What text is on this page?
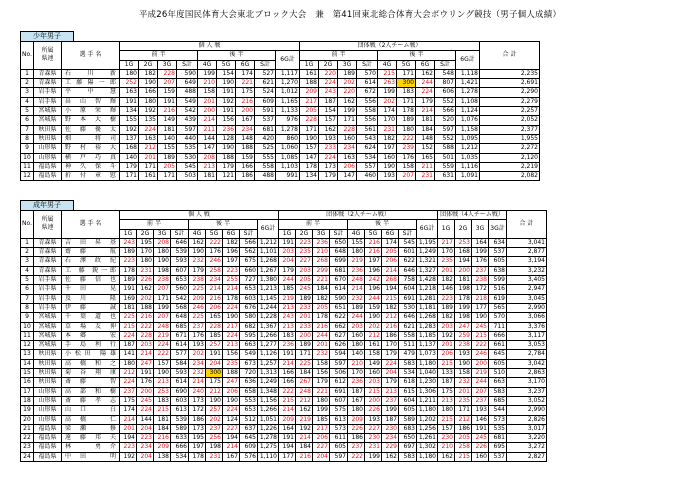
平成26年度国民体育大会東北ブロック大会　兼　第41回東北総合体育大会ボウリング競技（男子個人成績）
少年男子
No.	所属
県連	選 手 名	個 人 戦									団体戦（2人チーム戦）									合 計
			前 半				後 半				6G計	前 半				後 半				6G計	
			1G	2G	3G	S計	4G	5G	6G	S計		1G	2G	3G	S計	4G	5G	6G	S計		
1	青森県	石 川 新	180	182	228	590	199	154	174	527	1,117	161	220	189	570	215	171	162	548	1,118	2,235
2	青森県	工藤陽一郎	252	190	207	649	210	190	221	621	1,270	188	224	202	614	263	300	244	807	1,421	2,691
3	岩手県	平 中 慧	163	166	159	488	158	191	175	524	1,012	209	243	220	672	199	183	224	606	1,278	2,290
4	岩手県	畠 山 智 輝	191	180	191	549	201	192	216	609	1,165	217	187	162	556	202	171	179	552	1,108	2,279
5	宮城県	小 原 栄 輝	134	192	216	542	200	191	200	591	1,133	205	154	199	558	174	178	214	566	1,124	2,257
6	宮城県	野 本 大 樹	155	135	149	439	214	156	167	537	976	228	157	171	556	170	189	181	520	1,076	2,052
7	秋田県	佐 藤 優 太	192	224	181	597	211	236	234	681	1,278	171	162	228	561	231	180	184	597	1,158	2,377
8	秋田県	畑 　 将 司	137	163	140	440	144	128	148	420	860	190	193	160	543	182	222	148	552	1,095	1,955
9	山形県	野 村 裕 大	168	212	155	535	147	190	188	525	1,060	157	233	234	624	197	239	152	588	1,212	2,272
10	山形県	横 戸 巧 真	140	201	189	530	208	188	159	555	1,085	147	224	163	534	160	176	165	501	1,035	2,120
11	福島県	神 久 保 斗	179	171	205	545	213	179	166	558	1,103	178	173	206	557	190	158	211	559	1,116	2,219
12	福島県	折 付 章 慰	171	161	171	503	181	121	186	488	991	134	179	147	460	193	207	231	631	1,091	2,082
成年男子
No.	所属
県連	選 手 名	個 人 戦									団体戦（2人チーム戦）									団体戦（4人チーム戦）				合 計
			前 半				後 半				6G計	前 半				後 半				6G計	1G	2G	3G	3G計	
			1G	2G	3G	S計	4G	5G	6G	S計		1G	2G	3G	S計	4G	5G	6G	S計						
1	青森県	吉 田 昇 基	243	195	208	646	162	222	182	566	1,212	191	223	236	650	155	216	174	545	1,195	217	253	164	634	3,041
2	青森県	齋 藤 　 航	189	170	180	539	190	176	196	562	1,101	203	235	210	648	180	216	205	601	1,249	170	168	199	537	2,877
3	青森県	石 澤 政 紀	223	180	190	593	232	246	197	675	1,268	204	227	268	699	219	197	206	622	1,321	235	194	176	605	3,194
4	青森県	工 藤 鋭一郎	178	231	198	607	179	258	223	660	1,267	179	203	299	681	236	196	214	646	1,327	201	200	237	638	3,232
5	岩手県	佐 藤 信 也	189	226	238	653	238	234	255	727	1,380	244	205	221	670	248	242	268	758	1,428	182	181	238	599	3,405
6	岩手県	千 田 　 晃	191	162	207	560	225	214	214	653	1,213	185	245	184	614	214	196	194	604	1,218	146	198	172	516	2,947
7	岩手県	及 川 　 隆	169	202	171	542	209	216	178	603	1,145	219	189	182	590	232	244	215	691	1,281	223	178	218	619	3,045
8	岩手県	伊 藤 　 誠	181	188	199	568	246	206	224	676	1,244	213	233	205	651	189	159	182	530	1,181	189	199	177	565	2,990
9	宮城県	千 葉 道 也	225	216	207	648	225	165	190	580	1,228	243	201	178	622	244	190	212	646	1,268	182	198	190	570	3,066
10	宮城県	草 場 友 伸	215	222	248	685	237	228	217	682	1,367	213	233	216	662	203	202	216	621	1,283	203	247	245	711	3,376
11	宮城県	本 郷 　 宏	224	228	219	671	176	185	224	595	1,266	183	200	244	627	160	212	186	558	1,185	192	259	215	666	3,117
12	宮城県	手 島 利 行	187	203	224	614	193	257	213	663	1,277	236	189	201	626	180	161	170	511	1,137	201	238	222	661	3,053
13	秋田県	小松田 陽雄	141	214	222	577	202	191	156	549	1,126	191	171	232	594	140	158	179	479	1,073	206	193	246	645	2,784
14	秋田県	高 橋 和 之	180	247	157	584	234	204	235	673	1,257	214	225	158	597	210	149	224	583	1,180	215	190	200	605	3,042
15	秋田県	菊 谷 翔 康	212	191	190	593	232	300	188	720	1,313	166	184	156	506	170	160	204	534	1,040	133	158	219	510	2,863
16	秋田県	斎 藤 　 智	224	176	213	614	214	175	247	636	1,249	166	267	179	612	236	203	179	618	1,230	187	232	244	663	3,170
17	山形県	高 部 和 樹	237	200	253	690	240	212	206	658	1,348	222	248	221	691	187	215	213	615	1,306	175	201	207	583	3,237
18	山形県	斎 藤 孝 志	175	245	183	603	173	190	190	553	1,156	215	212	180	607	167	200	237	604	1,211	213	235	237	685	3,052
19	山形県	山 口 　 白	174	224	215	613	172	257	224	653	1,266	214	162	199	575	180	226	199	605	1,180	180	171	193	544	2,990
20	山形県	高 橋 　 仁	214	144	181	539	186	202	124	512	1,051	209	219	185	613	209	193	187	589	1,202	215	212	146	573	2,826
21	福島県	梁 瀬 　 修	201	204	184	589	173	237	227	637	1,226	164	192	217	573	226	227	230	683	1,256	157	186	191	535	3,017
22	福島県	遠 藤 邦 夫	194	223	216	633	195	256	194	645	1,278	191	214	206	611	186	230	234	650	1,261	230	205	245	681	3,220
23	福島県	林 　 勇 介	223	234	209	666	197	198	214	609	1,275	194	184	227	605	237	231	229	697	1,302	210	258	226	695	3,272
24	福島県	中 田 　 明	192	204	138	534	178	231	167	576	1,110	177	216	204	597	222	199	162	583	1,180	162	215	160	537	2,827
